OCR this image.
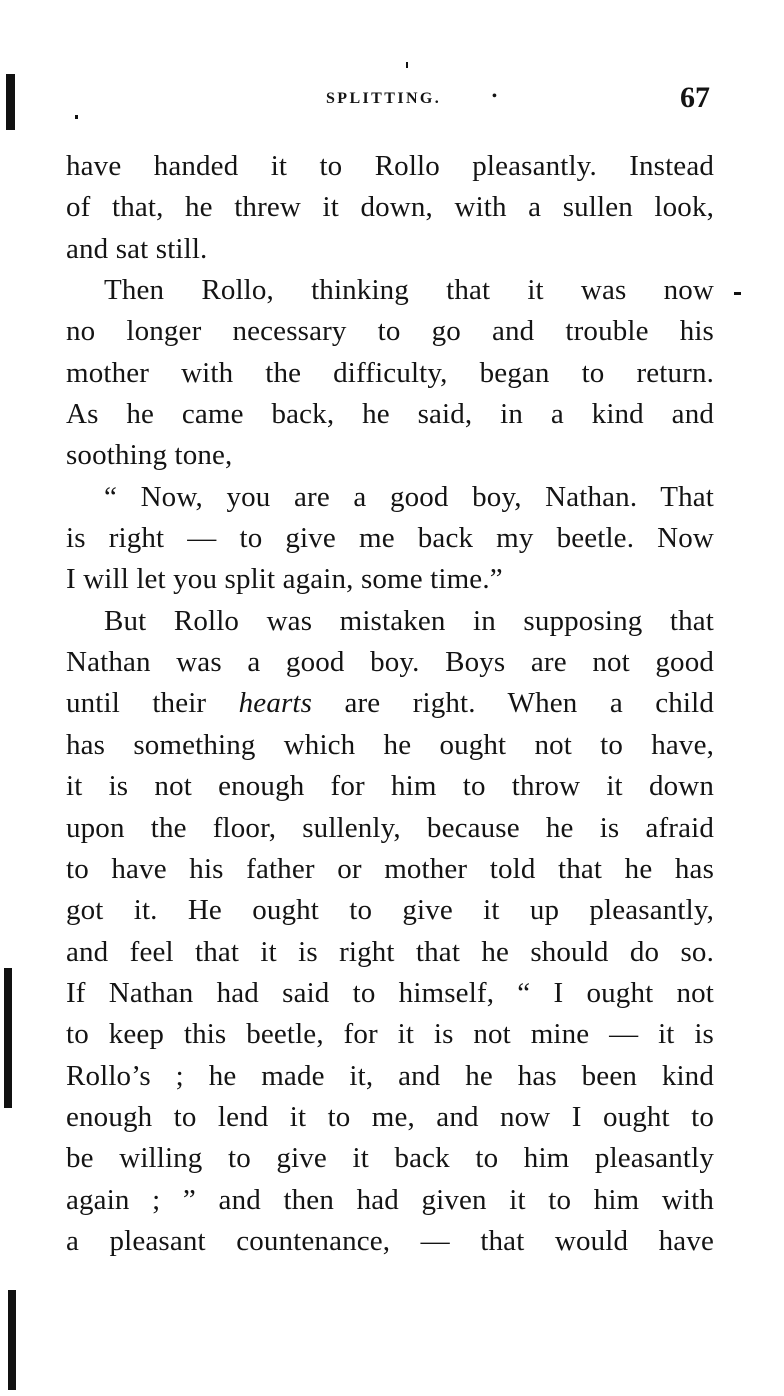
SPLITTING.	•	67
have handed it to Rollo pleasantly. Instead
of that, he threw it down, with a sullen look,
and sat still.
Then Rollo, thinking that it was now
no longer necessary to go and trouble his
mother with the difficulty, began to return.
As he came back, he said, in a kind and
soothing tone,
“ Now, you are a good boy, Nathan. That
is right — to give me back my beetle. Now
I will let you split again, some time.”
But Rollo was mistaken in supposing that
Nathan was a good boy. Boys are not good
until their hearts are right. When a child
has something which he ought not to have,
it is not enough for him to throw it down
upon the floor, sullenly, because he is afraid
to have his father or mother told that he has
got it. He ought to give it up pleasantly,
and feel that it is right that he should do so.
If Nathan had said to himself, “ I ought not
to keep this beetle, for it is not mine — it is
Rollo’s ; he made it, and he has been kind
enough to lend it to me, and now I ought to
be willing to give it back to him pleasantly
again ; ” and then had given it to him with
a pleasant countenance, — that would have
